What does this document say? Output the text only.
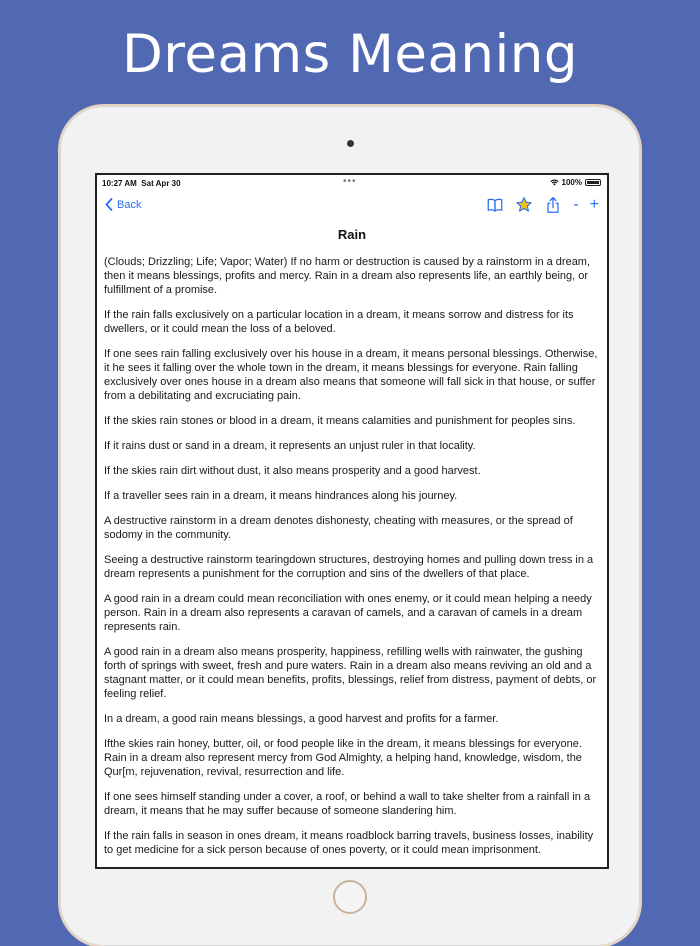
Dreams Meaning
10:27 AM Sat Apr 30	•••	100%
Back	- +
Rain

(Clouds; Drizzling; Life; Vapor; Water) If no harm or destruction is caused by a rainstorm in a dream, then it means blessings, profits and mercy. Rain in a dream also represents life, an earthly being, or fulfillment of a promise.

If the rain falls exclusively on a particular location in a dream, it means sorrow and distress for its dwellers, or it could mean the loss of a beloved.

If one sees rain falling exclusively over his house in a dream, it means personal blessings. Otherwise, it he sees it falling over the whole town in the dream, it means blessings for everyone. Rain falling exclusively over ones house in a dream also means that someone will fall sick in that house, or suffer from a debilitating and excruciating pain.

If the skies rain stones or blood in a dream, it means calamities and punishment for peoples sins.

If it rains dust or sand in a dream, it represents an unjust ruler in that locality.

If the skies rain dirt without dust, it also means prosperity and a good harvest.

If a traveller sees rain in a dream, it means hindrances along his journey.

A destructive rainstorm in a dream denotes dishonesty, cheating with measures, or the spread of sodomy in the community.

Seeing a destructive rainstorm tearingdown structures, destroying homes and pulling down tress in a dream represents a punishment for the corruption and sins of the dwellers of that place.

A good rain in a dream could mean reconciliation with ones enemy, or it could mean helping a needy person. Rain in a dream also represents a caravan of camels, and a caravan of camels in a dream represents rain.

A good rain in a dream also means prosperity, happiness, refilling wells with rainwater, the gushing forth of springs with sweet, fresh and pure waters. Rain in a dream also means reviving an old and a stagnant matter, or it could mean benefits, profits, blessings, relief from distress, payment of debts, or feeling relief.

In a dream, a good rain means blessings, a good harvest and profits for a farmer.

Ifthe skies rain honey, butter, oil, or food people like in the dream, it means blessings for everyone. Rain in a dream also represent mercy from God Almighty, a helping hand, knowledge, wisdom, the Qur[m, rejuvenation, revival, resurrection and life.

If one sees himself standing under a cover, a roof, or behind a wall to take shelter from a rainfall in a dream, it means that he may suffer because of someone slandering him.

If the rain falls in season in ones dream, it means roadblock barring travels, business losses, inability to get medicine for a sick person because of ones poverty, or it could mean imprisonment.
